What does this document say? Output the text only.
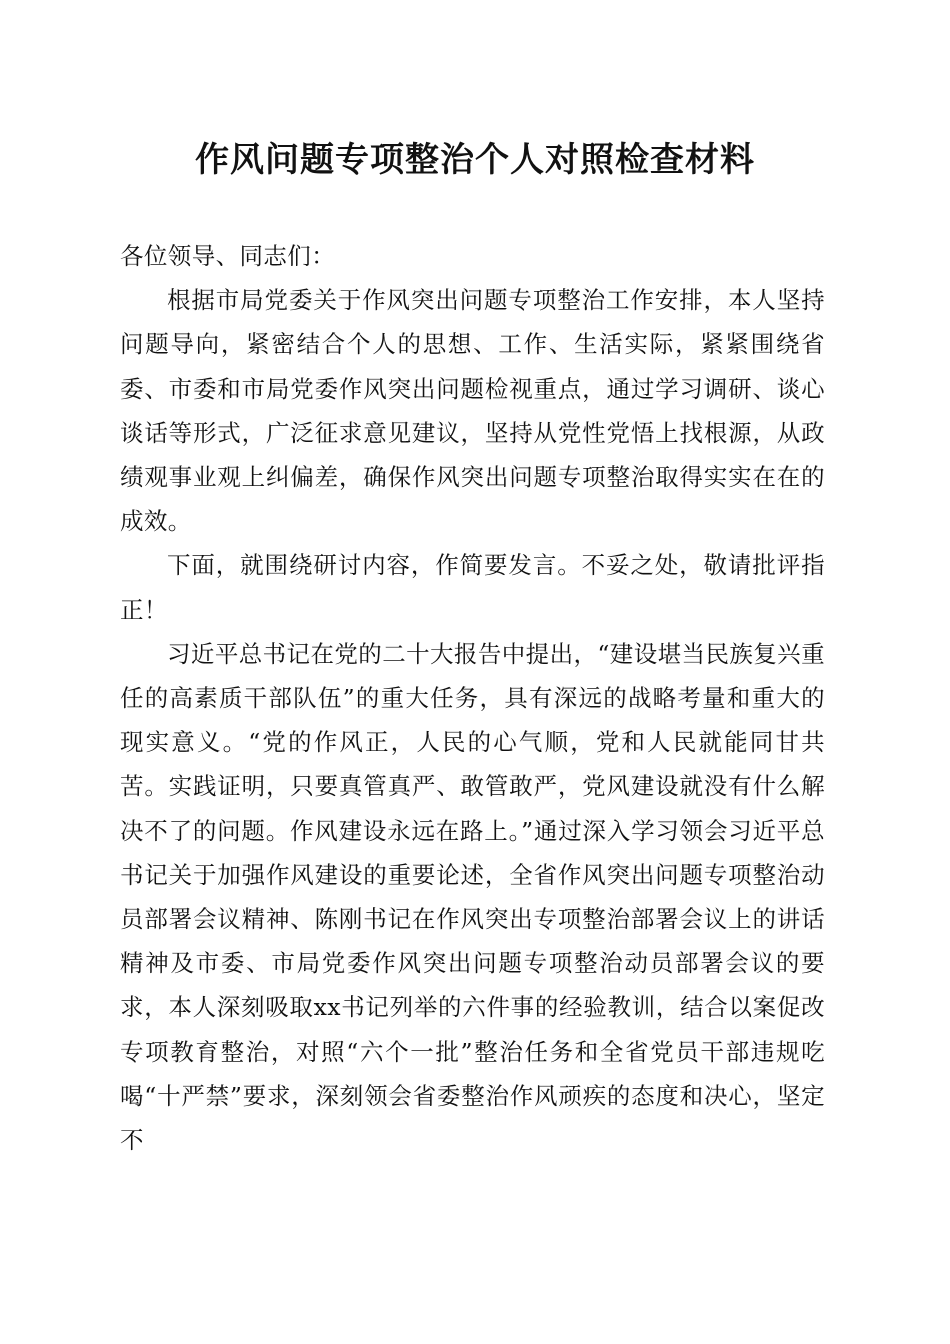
作风问题专项整治个人对照检查材料

各位领导、同志们：

根据市局党委关于作风突出问题专项整治工作安排，本人坚持问题导向，紧密结合个人的思想、工作、生活实际，紧紧围绕省委、市委和市局党委作风突出问题检视重点，通过学习调研、谈心谈话等形式，广泛征求意见建议，坚持从党性党悟上找根源，从政绩观事业观上纠偏差，确保作风突出问题专项整治取得实实在在的成效。

下面，就围绕研讨内容，作简要发言。不妥之处，敬请批评指正！

习近平总书记在党的二十大报告中提出，“建设堪当民族复兴重任的高素质干部队伍”的重大任务，具有深远的战略考量和重大的现实意义。“党的作风正，人民的心气顺，党和人民就能同甘共苦。实践证明，只要真管真严、敢管敢严，党风建设就没有什么解决不了的问题。作风建设永远在路上。”通过深入学习领会习近平总书记关于加强作风建设的重要论述，全省作风突出问题专项整治动员部署会议精神、陈刚书记在作风突出专项整治部署会议上的讲话精神及市委、市局党委作风突出问题专项整治动员部署会议的要求，本人深刻吸取xx书记列举的六件事的经验教训，结合以案促改专项教育整治，对照“六个一批”整治任务和全省党员干部违规吃喝“十严禁”要求，深刻领会省委整治作风顽疾的态度和决心，坚定不
